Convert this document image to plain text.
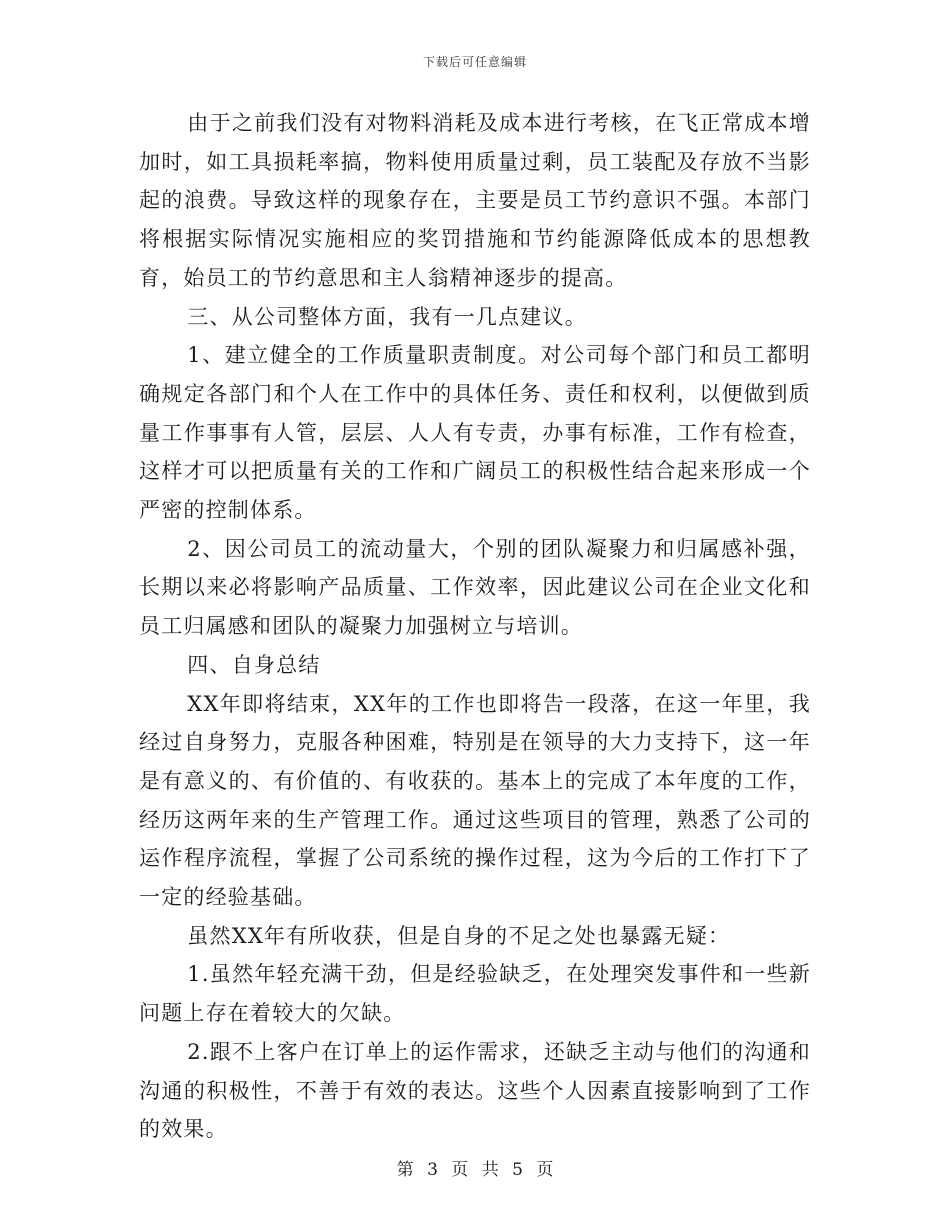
下载后可任意编辑

由于之前我们没有对物料消耗及成本进行考核，在飞正常成本增加时，如工具损耗率搞，物料使用质量过剩，员工装配及存放不当影起的浪费。导致这样的现象存在，主要是员工节约意识不强。本部门将根据实际情况实施相应的奖罚措施和节约能源降低成本的思想教育，始员工的节约意思和主人翁精神逐步的提高。

三、从公司整体方面，我有一几点建议。

1、建立健全的工作质量职责制度。对公司每个部门和员工都明确规定各部门和个人在工作中的具体任务、责任和权利，以便做到质量工作事事有人管，层层、人人有专责，办事有标准，工作有检查，这样才可以把质量有关的工作和广阔员工的积极性结合起来形成一个严密的控制体系。

2、因公司员工的流动量大，个别的团队凝聚力和归属感补强，长期以来必将影响产品质量、工作效率，因此建议公司在企业文化和员工归属感和团队的凝聚力加强树立与培训。

四、自身总结

XX年即将结束，XX年的工作也即将告一段落，在这一年里，我经过自身努力，克服各种困难，特别是在领导的大力支持下，这一年是有意义的、有价值的、有收获的。基本上的完成了本年度的工作，经历这两年来的生产管理工作。通过这些项目的管理，熟悉了公司的运作程序流程，掌握了公司系统的操作过程，这为今后的工作打下了一定的经验基础。

虽然XX年有所收获，但是自身的不足之处也暴露无疑：

1.虽然年轻充满干劲，但是经验缺乏，在处理突发事件和一些新问题上存在着较大的欠缺。

2.跟不上客户在订单上的运作需求，还缺乏主动与他们的沟通和沟通的积极性，不善于有效的表达。这些个人因素直接影响到了工作的效果。

第 3 页 共 5 页
